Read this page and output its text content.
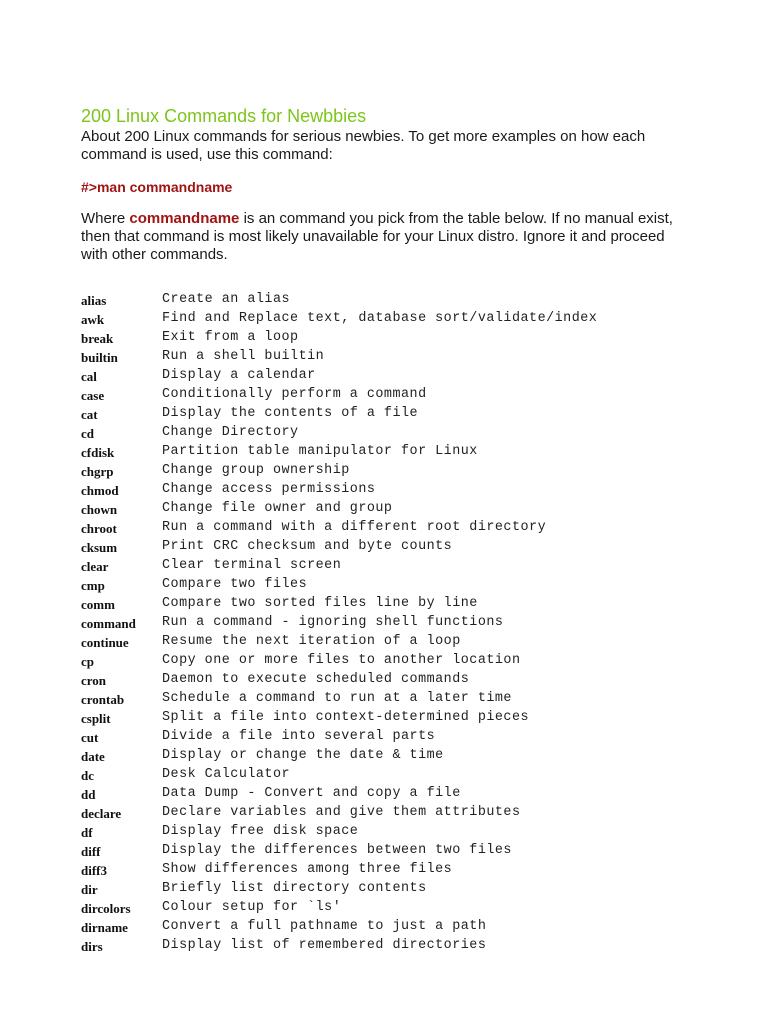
200 Linux Commands for Newbbies

About 200 Linux commands for serious newbies. To get more examples on how each command is used, use this command:

#>man commandname

Where commandname is an command you pick from the table below. If no manual exist, then that command is most likely unavailable for your Linux distro. Ignore it and proceed with other commands.

alias	Create an alias
awk	Find and Replace text, database sort/validate/index
break	Exit from a loop
builtin	Run a shell builtin
cal	Display a calendar
case	Conditionally perform a command
cat	Display the contents of a file
cd	Change Directory
cfdisk	Partition table manipulator for Linux
chgrp	Change group ownership
chmod	Change access permissions
chown	Change file owner and group
chroot	Run a command with a different root directory
cksum	Print CRC checksum and byte counts
clear	Clear terminal screen
cmp	Compare two files
comm	Compare two sorted files line by line
command	Run a command - ignoring shell functions
continue	Resume the next iteration of a loop
cp	Copy one or more files to another location
cron	Daemon to execute scheduled commands
crontab	Schedule a command to run at a later time
csplit	Split a file into context-determined pieces
cut	Divide a file into several parts
date	Display or change the date & time
dc	Desk Calculator
dd	Data Dump - Convert and copy a file
declare	Declare variables and give them attributes
df	Display free disk space
diff	Display the differences between two files
diff3	Show differences among three files
dir	Briefly list directory contents
dircolors	Colour setup for `ls'
dirname	Convert a full pathname to just a path
dirs	Display list of remembered directories
